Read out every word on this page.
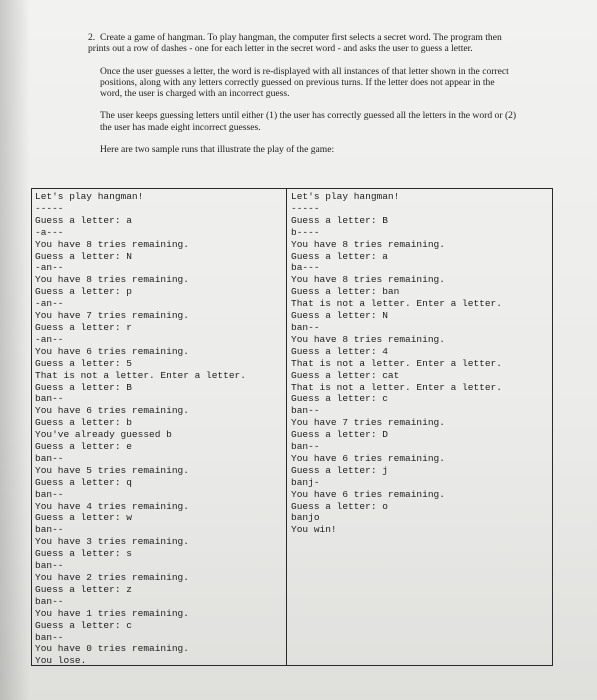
2. Create a game of hangman. To play hangman, the computer first selects a secret word. The program then prints out a row of dashes - one for each letter in the secret word - and asks the user to guess a letter.

Once the user guesses a letter, the word is re-displayed with all instances of that letter shown in the correct positions, along with any letters correctly guessed on previous turns. If the letter does not appear in the word, the user is charged with an incorrect guess.

The user keeps guessing letters until either (1) the user has correctly guessed all the letters in the word or (2) the user has made eight incorrect guesses.

Here are two sample runs that illustrate the play of the game:

Let's play hangman!
-----
Guess a letter: a
-a---
You have 8 tries remaining.
Guess a letter: N
-an--
You have 8 tries remaining.
Guess a letter: p
-an--
You have 7 tries remaining.
Guess a letter: r
-an--
You have 6 tries remaining.
Guess a letter: 5
That is not a letter. Enter a letter.
Guess a letter: B
ban--
You have 6 tries remaining.
Guess a letter: b
You've already guessed b
Guess a letter: e
ban--
You have 5 tries remaining.
Guess a letter: q
ban--
You have 4 tries remaining.
Guess a letter: w
ban--
You have 3 tries remaining.
Guess a letter: s
ban--
You have 2 tries remaining.
Guess a letter: z
ban--
You have 1 tries remaining.
Guess a letter: c
ban--
You have 0 tries remaining.
You lose.
Let's play hangman!
-----
Guess a letter: B
b----
You have 8 tries remaining.
Guess a letter: a
ba---
You have 8 tries remaining.
Guess a letter: ban
That is not a letter. Enter a letter.
Guess a letter: N
ban--
You have 8 tries remaining.
Guess a letter: 4
That is not a letter. Enter a letter.
Guess a letter: cat
That is not a letter. Enter a letter.
Guess a letter: c
ban--
You have 7 tries remaining.
Guess a letter: D
ban--
You have 6 tries remaining.
Guess a letter: j
banj-
You have 6 tries remaining.
Guess a letter: o
banjo
You win!
